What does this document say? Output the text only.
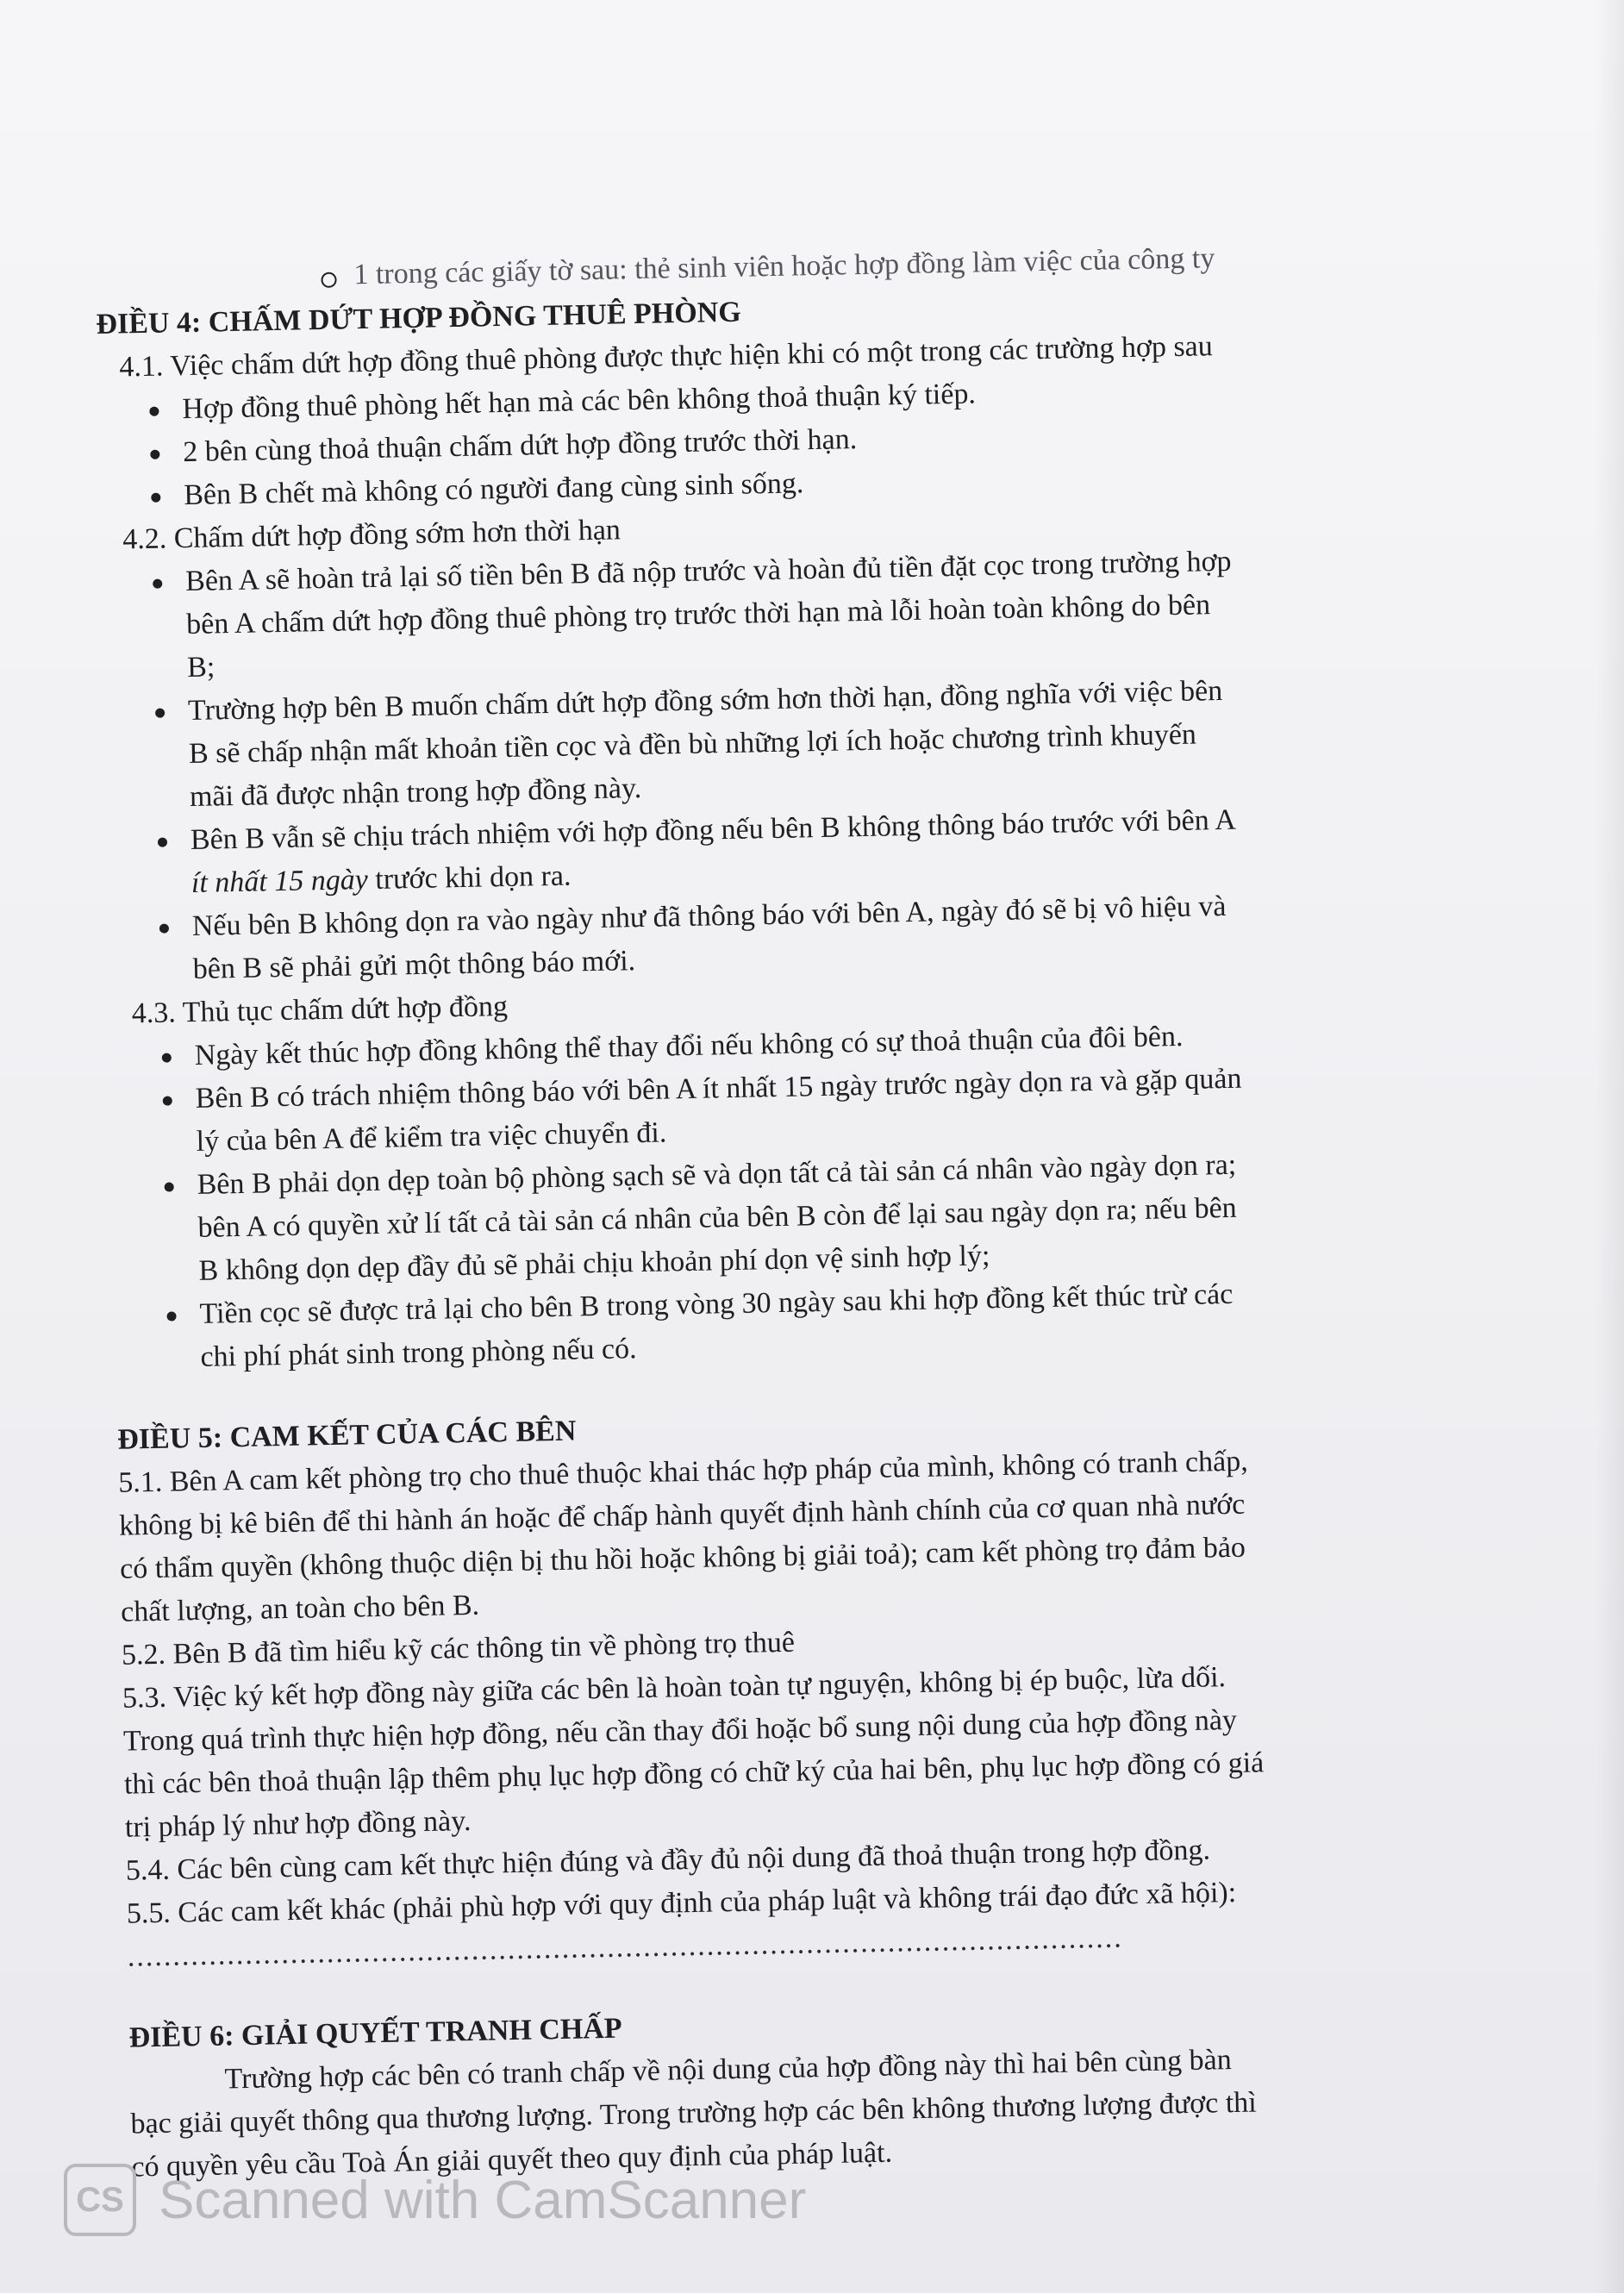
1 trong các giấy tờ sau: thẻ sinh viên hoặc hợp đồng làm việc của công ty
ĐIỀU 4: CHẤM DỨT HỢP ĐỒNG THUÊ PHÒNG
4.1. Việc chấm dứt hợp đồng thuê phòng được thực hiện khi có một trong các trường hợp sau
Hợp đồng thuê phòng hết hạn mà các bên không thoả thuận ký tiếp.
2 bên cùng thoả thuận chấm dứt hợp đồng trước thời hạn.
Bên B chết mà không có người đang cùng sinh sống.
4.2. Chấm dứt hợp đồng sớm hơn thời hạn
Bên A sẽ hoàn trả lại số tiền bên B đã nộp trước và hoàn đủ tiền đặt cọc trong trường hợp
bên A chấm dứt hợp đồng thuê phòng trọ trước thời hạn mà lỗi hoàn toàn không do bên
B;
Trường hợp bên B muốn chấm dứt hợp đồng sớm hơn thời hạn, đồng nghĩa với việc bên
B sẽ chấp nhận mất khoản tiền cọc và đền bù những lợi ích hoặc chương trình khuyến
mãi đã được nhận trong hợp đồng này.
Bên B vẫn sẽ chịu trách nhiệm với hợp đồng nếu bên B không thông báo trước với bên A
ít nhất 15 ngày trước khi dọn ra.
Nếu bên B không dọn ra vào ngày như đã thông báo với bên A, ngày đó sẽ bị vô hiệu và
bên B sẽ phải gửi một thông báo mới.
4.3. Thủ tục chấm dứt hợp đồng
Ngày kết thúc hợp đồng không thể thay đổi nếu không có sự thoả thuận của đôi bên.
Bên B có trách nhiệm thông báo với bên A ít nhất 15 ngày trước ngày dọn ra và gặp quản
lý của bên A để kiểm tra việc chuyển đi.
Bên B phải dọn dẹp toàn bộ phòng sạch sẽ và dọn tất cả tài sản cá nhân vào ngày dọn ra;
bên A có quyền xử lí tất cả tài sản cá nhân của bên B còn để lại sau ngày dọn ra; nếu bên
B không dọn dẹp đầy đủ sẽ phải chịu khoản phí dọn vệ sinh hợp lý;
Tiền cọc sẽ được trả lại cho bên B trong vòng 30 ngày sau khi hợp đồng kết thúc trừ các
chi phí phát sinh trong phòng nếu có.
ĐIỀU 5: CAM KẾT CỦA CÁC BÊN
5.1. Bên A cam kết phòng trọ cho thuê thuộc khai thác hợp pháp của mình, không có tranh chấp,
không bị kê biên để thi hành án hoặc để chấp hành quyết định hành chính của cơ quan nhà nước
có thẩm quyền (không thuộc diện bị thu hồi hoặc không bị giải toả); cam kết phòng trọ đảm bảo
chất lượng, an toàn cho bên B.
5.2. Bên B đã tìm hiểu kỹ các thông tin về phòng trọ thuê
5.3. Việc ký kết hợp đồng này giữa các bên là hoàn toàn tự nguyện, không bị ép buộc, lừa dối.
Trong quá trình thực hiện hợp đồng, nếu cần thay đổi hoặc bổ sung nội dung của hợp đồng này
thì các bên thoả thuận lập thêm phụ lục hợp đồng có chữ ký của hai bên, phụ lục hợp đồng có giá
trị pháp lý như hợp đồng này.
5.4. Các bên cùng cam kết thực hiện đúng và đầy đủ nội dung đã thoả thuận trong hợp đồng.
5.5. Các cam kết khác (phải phù hợp với quy định của pháp luật và không trái đạo đức xã hội):
..............................................................................................................
ĐIỀU 6: GIẢI QUYẾT TRANH CHẤP
Trường hợp các bên có tranh chấp về nội dung của hợp đồng này thì hai bên cùng bàn
bạc giải quyết thông qua thương lượng. Trong trường hợp các bên không thương lượng được thì
có quyền yêu cầu Toà Án giải quyết theo quy định của pháp luật.
CS Scanned with CamScanner
